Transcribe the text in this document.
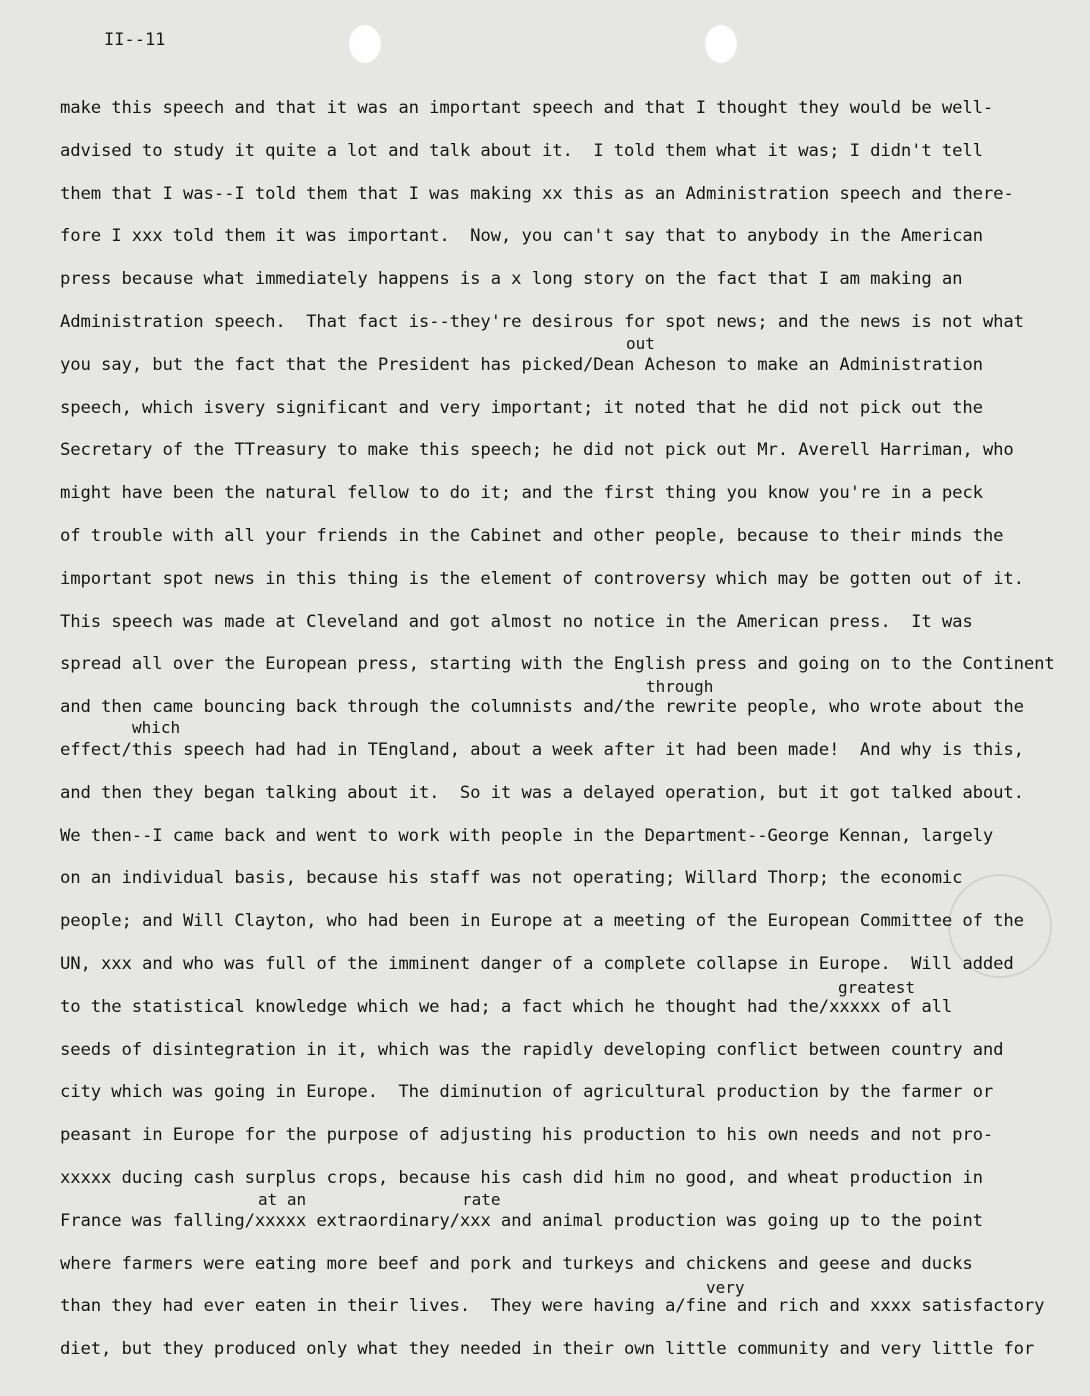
II--11
make this speech and that it was an important speech and that I thought they would be well-
advised to study it quite a lot and talk about it.  I told them what it was; I didn't tell
them that I was--I told them that I was making xx this as an Administration speech and there-
fore I xxx told them it was important.  Now, you can't say that to anybody in the American
press because what immediately happens is a x long story on the fact that I am making an
Administration speech.  That fact is--they're desirous for spot news; and the news is not what
you say, but the fact that the President has picked/Dean Acheson to make an Administration
speech, which isvery significant and very important; it noted that he did not pick out the
Secretary of the TTreasury to make this speech; he did not pick out Mr. Averell Harriman, who
might have been the natural fellow to do it; and the first thing you know you're in a peck
of trouble with all your friends in the Cabinet and other people, because to their minds the
important spot news in this thing is the element of controversy which may be gotten out of it.
This speech was made at Cleveland and got almost no notice in the American press.  It was
spread all over the European press, starting with the English press and going on to the Continent
and then came bouncing back through the columnists and/the rewrite people, who wrote about the
effect/this speech had had in TEngland, about a week after it had been made!  And why is this,
and then they began talking about it.  So it was a delayed operation, but it got talked about.
We then--I came back and went to work with people in the Department--George Kennan, largely
on an individual basis, because his staff was not operating; Willard Thorp; the economic
people; and Will Clayton, who had been in Europe at a meeting of the European Committee of the
UN, xxx and who was full of the imminent danger of a complete collapse in Europe.  Will added
to the statistical knowledge which we had; a fact which he thought had the/xxxxx of all
seeds of disintegration in it, which was the rapidly developing conflict between country and
city which was going in Europe.  The diminution of agricultural production by the farmer or
peasant in Europe for the purpose of adjusting his production to his own needs and not pro-
xxxxx ducing cash surplus crops, because his cash did him no good, and wheat production in
France was falling/xxxxx extraordinary/xxx and animal production was going up to the point
where farmers were eating more beef and pork and turkeys and chickens and geese and ducks
than they had ever eaten in their lives.  They were having a/fine and rich and xxxx satisfactory
diet, but they produced only what they needed in their own little community and very little for
out
through
which
greatest
at an	rate
very
